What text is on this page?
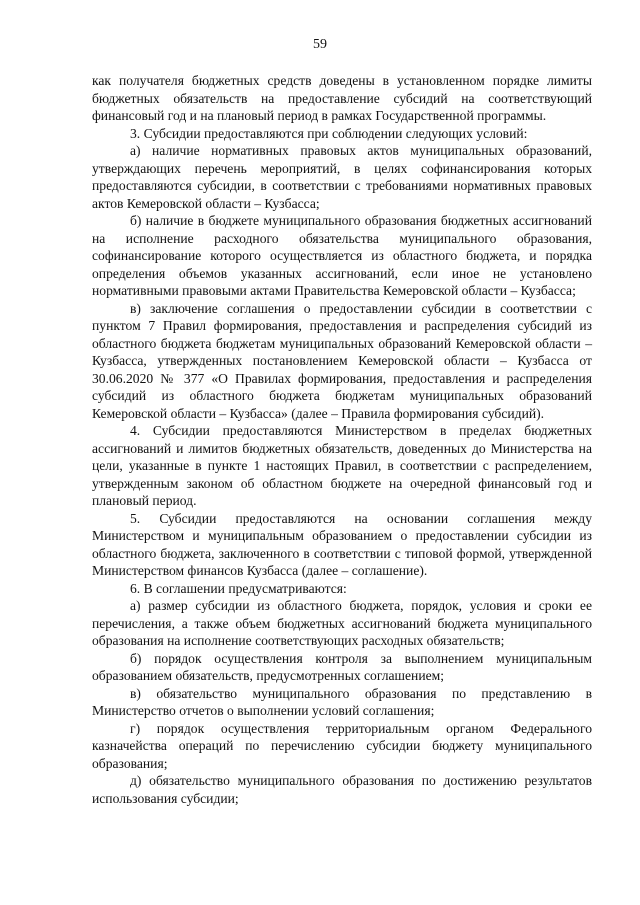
59

как получателя бюджетных средств доведены в установленном порядке лимиты бюджетных обязательств на предоставление субсидий на соответствующий финансовый год и на плановый период в рамках Государственной программы.

3. Субсидии предоставляются при соблюдении следующих условий:

а) наличие нормативных правовых актов муниципальных образований, утверждающих перечень мероприятий, в целях софинансирования которых предоставляются субсидии, в соответствии с требованиями нормативных правовых актов Кемеровской области – Кузбасса;

б) наличие в бюджете муниципального образования бюджетных ассигнований на исполнение расходного обязательства муниципального образования, софинансирование которого осуществляется из областного бюджета, и порядка определения объемов указанных ассигнований, если иное не установлено нормативными правовыми актами Правительства Кемеровской области – Кузбасса;

в) заключение соглашения о предоставлении субсидии в соответствии с пунктом 7 Правил формирования, предоставления и распределения субсидий из областного бюджета бюджетам муниципальных образований Кемеровской области – Кузбасса, утвержденных постановлением Кемеровской области – Кузбасса от 30.06.2020 № 377 «О Правилах формирования, предоставления и распределения субсидий из областного бюджета бюджетам муниципальных образований Кемеровской области – Кузбасса» (далее – Правила формирования субсидий).

4. Субсидии предоставляются Министерством в пределах бюджетных ассигнований и лимитов бюджетных обязательств, доведенных до Министерства на цели, указанные в пункте 1 настоящих Правил, в соответствии с распределением, утвержденным законом об областном бюджете на очередной финансовый год и плановый период.

5. Субсидии предоставляются на основании соглашения между Министерством и муниципальным образованием о предоставлении субсидии из областного бюджета, заключенного в соответствии с типовой формой, утвержденной Министерством финансов Кузбасса (далее – соглашение).

6. В соглашении предусматриваются:

а) размер субсидии из областного бюджета, порядок, условия и сроки ее перечисления, а также объем бюджетных ассигнований бюджета муниципального образования на исполнение соответствующих расходных обязательств;

б) порядок осуществления контроля за выполнением муниципальным образованием обязательств, предусмотренных соглашением;

в) обязательство муниципального образования по представлению в Министерство отчетов о выполнении условий соглашения;

г) порядок осуществления территориальным органом Федерального казначейства операций по перечислению субсидии бюджету муниципального образования;

д) обязательство муниципального образования по достижению результатов использования субсидии;
